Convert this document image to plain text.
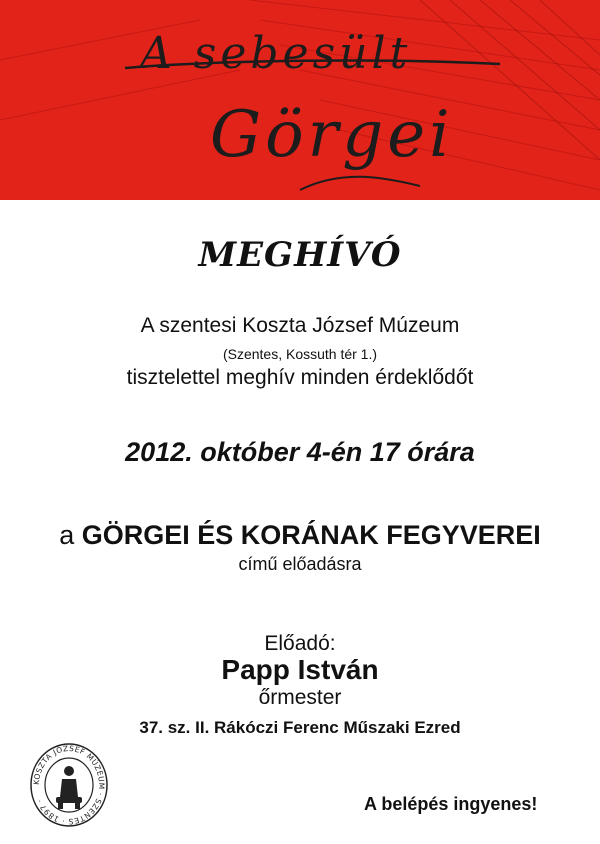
A sebesült
Görgei
MEGHÍVÓ
A szentesi Koszta József Múzeum
(Szentes, Kossuth tér 1.)
tisztelettel meghív minden érdeklődőt
2012. október 4-én 17 órára
a GÖRGEI ÉS KORÁNAK FEGYVEREI
című előadásra
Előadó:
Papp István
őrmester
37. sz. II. Rákóczi Ferenc Műszaki Ezred
KOSZTA JÓZSEF MÚZEUM · SZENTES · 1897 ·	A belépés ingyenes!
